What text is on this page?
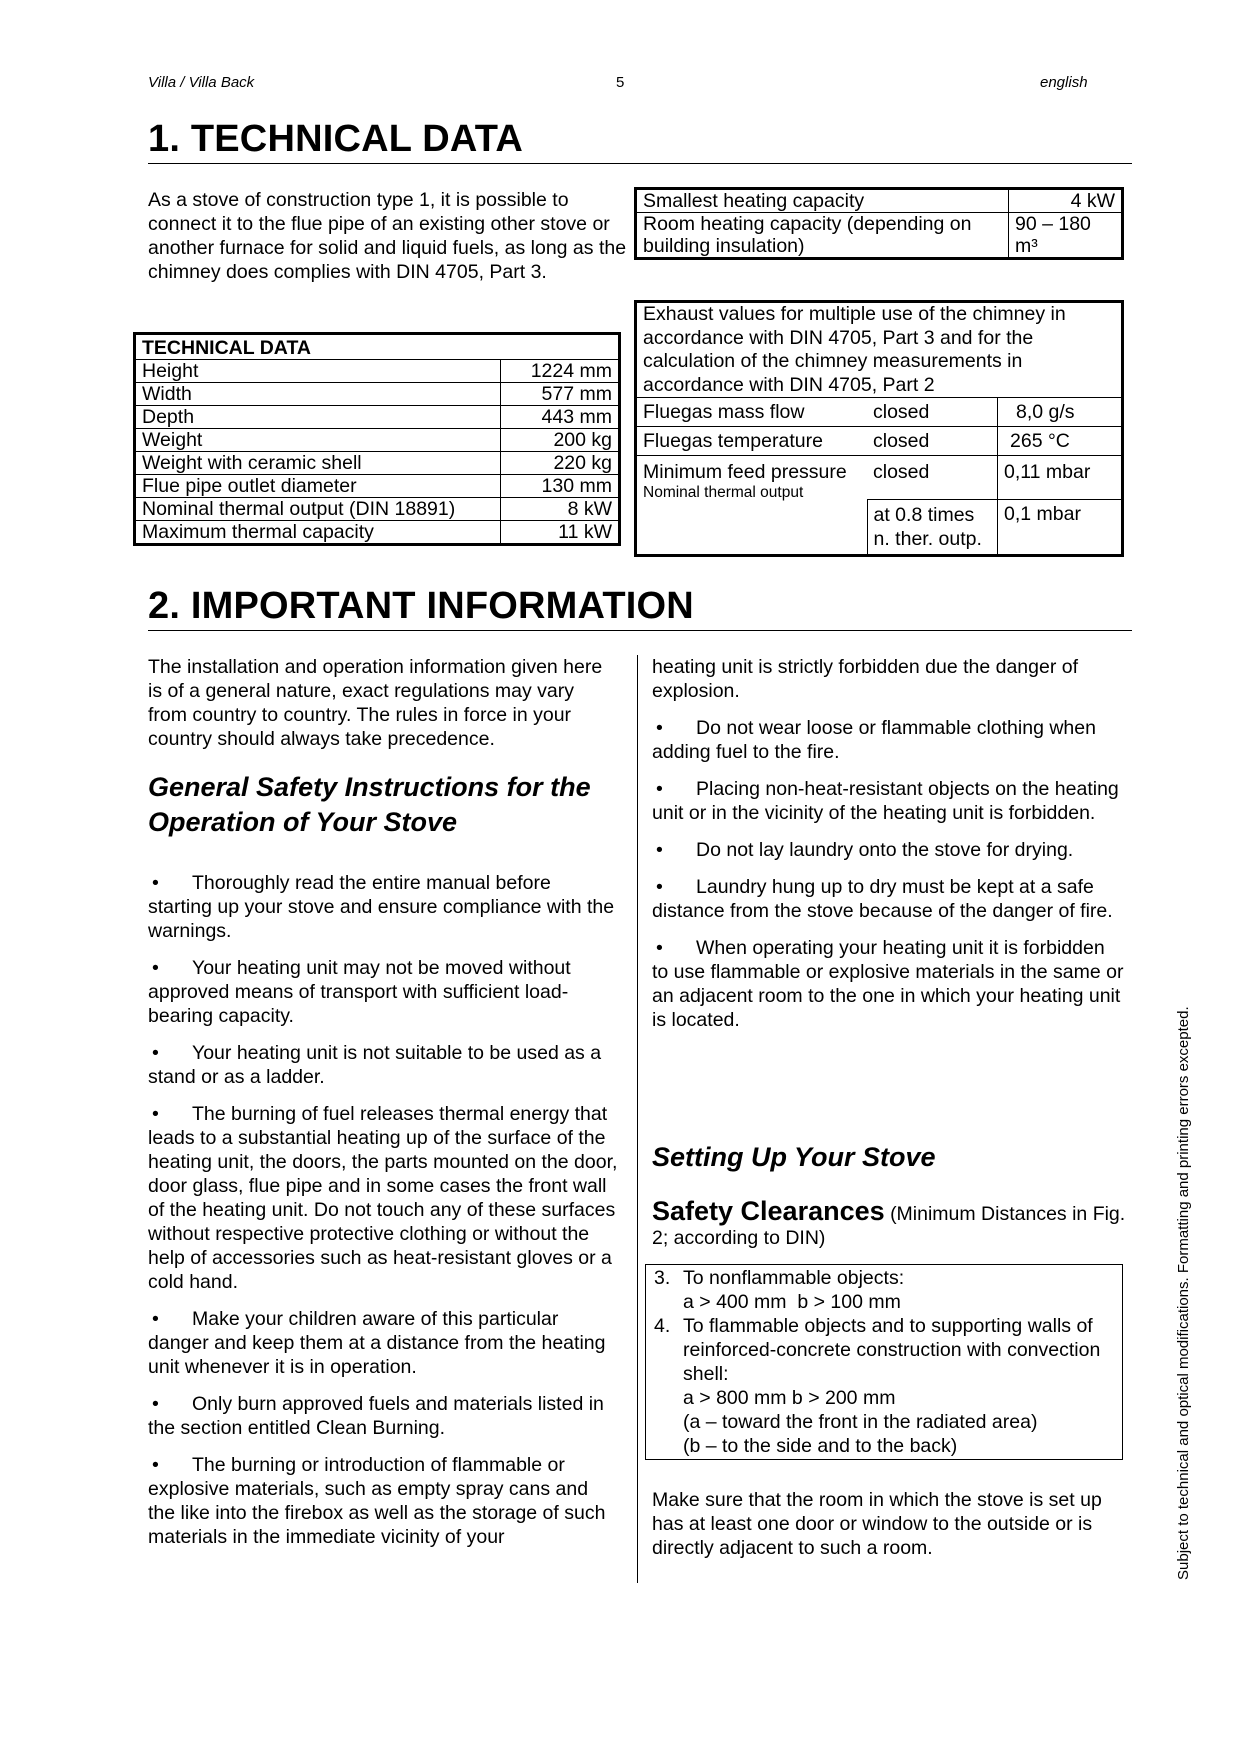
Villa / Villa Back	5	english
1. TECHNICAL DATA
As a stove of construction type 1, it is possible to connect it to the flue pipe of an existing other stove or another furnace for solid and liquid fuels, as long as the chimney does complies with DIN 4705, Part 3.
TECHNICAL DATA	
Height	1224 mm
Width	577 mm
Depth	443 mm
Weight	200 kg
Weight with ceramic shell	220 kg
Flue pipe outlet diameter	130 mm
Nominal thermal output (DIN 18891)	8 kW
Maximum thermal capacity	11 kW
Smallest heating capacity	4 kW
Room heating capacity (depending on building insulation)	90 – 180 m³
Exhaust values for multiple use of the chimney in accordance with DIN 4705, Part 3 and for the calculation of the chimney measurements in accordance with DIN 4705, Part 2		
Fluegas mass flow	closed	8,0 g/s
Fluegas temperature	closed	265 °C

Minimum feed pressure
Nominal thermal output	closed	0,11 mbar
	at 0.8 times n. ther. outp.	0,1 mbar
2. IMPORTANT INFORMATION
The installation and operation information given here is of a general nature, exact regulations may vary from country to country. The rules in force in your country should always take precedence.
General Safety Instructions for the Operation of Your Stove
• Thoroughly read the entire manual before starting up your stove and ensure compliance with the warnings.
• Your heating unit may not be moved without approved means of transport with sufficient load-bearing capacity.
• Your heating unit is not suitable to be used as a stand or as a ladder.
• The burning of fuel releases thermal energy that leads to a substantial heating up of the surface of the heating unit, the doors, the parts mounted on the door, door glass, flue pipe and in some cases the front wall of the heating unit. Do not touch any of these surfaces without respective protective clothing or without the help of accessories such as heat-resistant gloves or a cold hand.
• Make your children aware of this particular danger and keep them at a distance from the heating unit whenever it is in operation.
• Only burn approved fuels and materials listed in the section entitled Clean Burning.
• The burning or introduction of flammable or explosive materials, such as empty spray cans and the like into the firebox as well as the storage of such materials in the immediate vicinity of your
heating unit is strictly forbidden due the danger of explosion.
• Do not wear loose or flammable clothing when adding fuel to the fire.
• Placing non-heat-resistant objects on the heating unit or in the vicinity of the heating unit is forbidden.
• Do not lay laundry onto the stove for drying.
• Laundry hung up to dry must be kept at a safe distance from the stove because of the danger of fire.
• When operating your heating unit it is forbidden to use flammable or explosive materials in the same or an adjacent room to the one in which your heating unit is located.
Setting Up Your Stove
Safety Clearances (Minimum Distances in Fig. 2; according to DIN)
3. To nonflammable objects:
a > 400 mm  b > 100 mm
4. To flammable objects and to supporting walls of reinforced-concrete construction with convection shell:
a > 800 mm b > 200 mm
(a – toward the front in the radiated area)
(b – to the side and to the back)
Make sure that the room in which the stove is set up has at least one door or window to the outside or is directly adjacent to such a room.	Subject to technical and optical modifications. Formatting and printing errors excepted.
